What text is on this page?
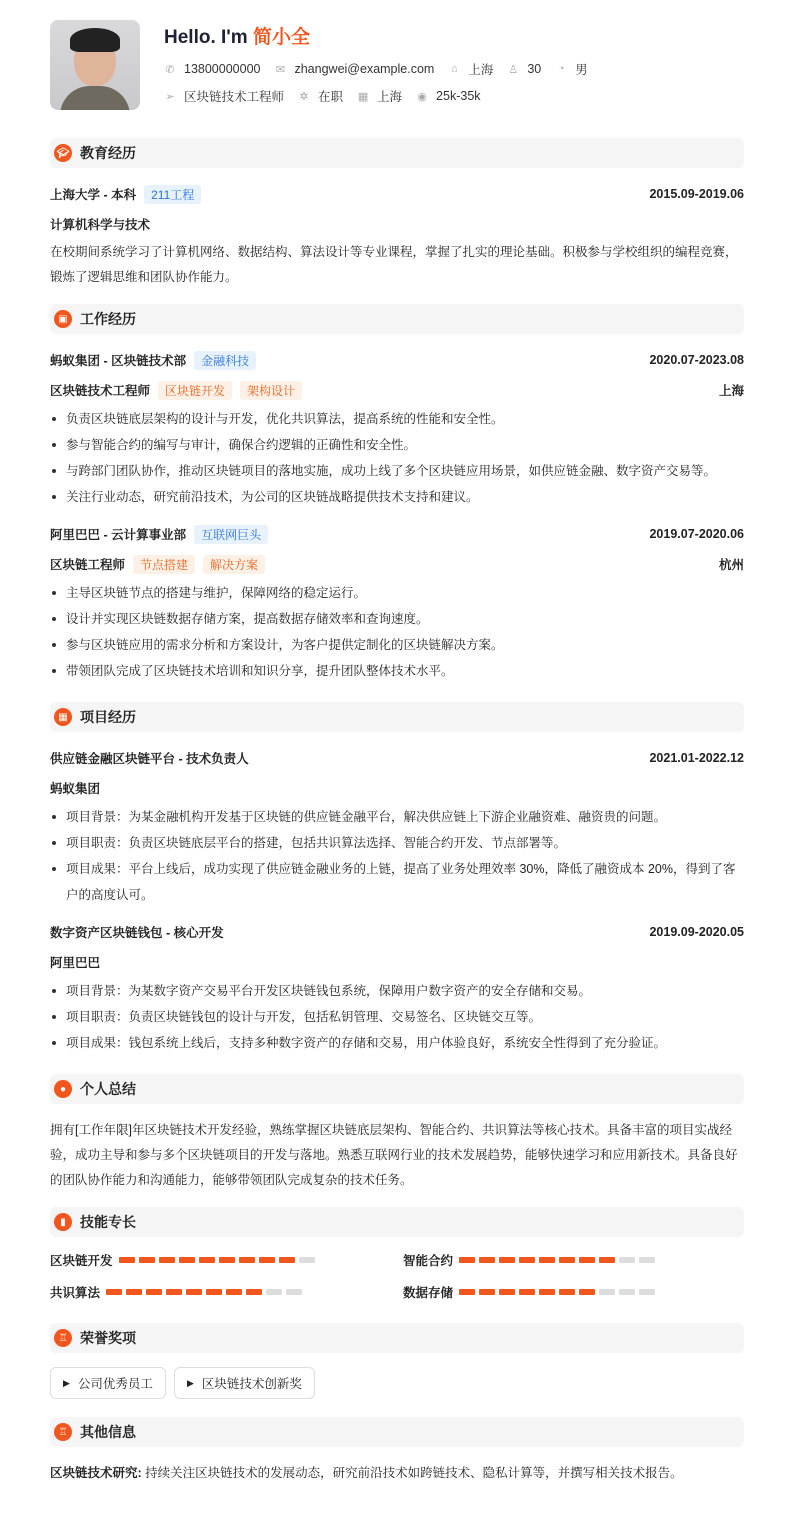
Hello. I'm 简小全
✆ 13800000000 ✉ zhangwei@example.com ⌂ 上海 ♙ 30 ◔ 男
➢ 区块链技术工程师 ✲ 在职 ▦ 上海 ◉ 25k-35k
🎓︎ 教育经历
上海大学 - 本科	211工程	2015.09-2019.06
计算机科学与技术
在校期间系统学习了计算机网络、数据结构、算法设计等专业课程，掌握了扎实的理论基础。积极参与学校组织的编程竞赛，锻炼了逻辑思维和团队协作能力。
▣ 工作经历
蚂蚁集团 - 区块链技术部	金融科技	2020.07-2023.08
区块链技术工程师	区块链开发	架构设计	上海
负责区块链底层架构的设计与开发，优化共识算法，提高系统的性能和安全性。
参与智能合约的编写与审计，确保合约逻辑的正确性和安全性。
与跨部门团队协作，推动区块链项目的落地实施，成功上线了多个区块链应用场景，如供应链金融、数字资产交易等。
关注行业动态，研究前沿技术，为公司的区块链战略提供技术支持和建议。
阿里巴巴 - 云计算事业部	互联网巨头	2019.07-2020.06
区块链工程师	节点搭建	解决方案	杭州
主导区块链节点的搭建与维护，保障网络的稳定运行。
设计并实现区块链数据存储方案，提高数据存储效率和查询速度。
参与区块链应用的需求分析和方案设计，为客户提供定制化的区块链解决方案。
带领团队完成了区块链技术培训和知识分享，提升团队整体技术水平。
▦ 项目经历
供应链金融区块链平台 - 技术负责人	2021.01-2022.12
蚂蚁集团
项目背景：为某金融机构开发基于区块链的供应链金融平台，解决供应链上下游企业融资难、融资贵的问题。
项目职责：负责区块链底层平台的搭建，包括共识算法选择、智能合约开发、节点部署等。
项目成果：平台上线后，成功实现了供应链金融业务的上链，提高了业务处理效率 30%，降低了融资成本 20%，得到了客户的高度认可。
数字资产区块链钱包 - 核心开发	2019.09-2020.05
阿里巴巴
项目背景：为某数字资产交易平台开发区块链钱包系统，保障用户数字资产的安全存储和交易。
项目职责：负责区块链钱包的设计与开发，包括私钥管理、交易签名、区块链交互等。
项目成果：钱包系统上线后，支持多种数字资产的存储和交易，用户体验良好，系统安全性得到了充分验证。
● 个人总结
拥有[工作年限]年区块链技术开发经验，熟练掌握区块链底层架构、智能合约、共识算法等核心技术。具备丰富的项目实战经验，成功主导和参与多个区块链项目的开发与落地。熟悉互联网行业的技术发展趋势，能够快速学习和应用新技术。具备良好的团队协作能力和沟通能力，能够带领团队完成复杂的技术任务。
▮	技能专长
区块链开发	智能合约
共识算法	数据存储
♖ 荣誉奖项
▶ 公司优秀员工	▶ 区块链技术创新奖
♖ 其他信息
区块链技术研究: 持续关注区块链技术的发展动态，研究前沿技术如跨链技术、隐私计算等，并撰写相关技术报告。
